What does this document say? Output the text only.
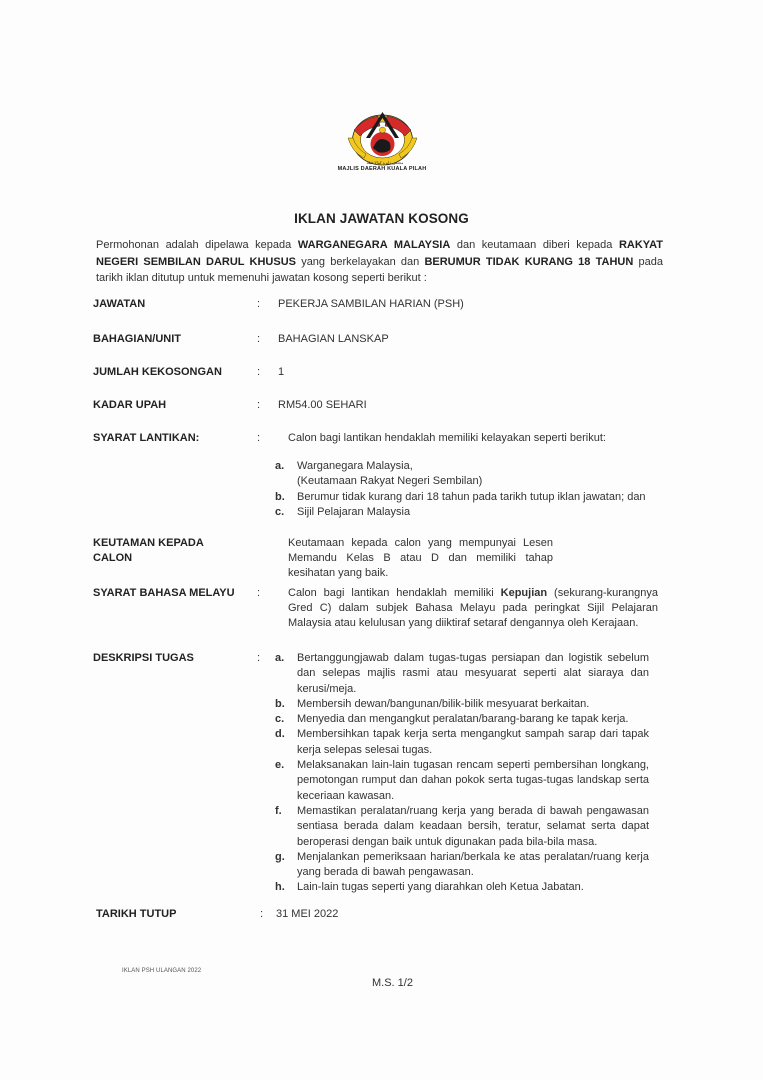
مجلس دايره کوالا ڤيله
MAJLIS DAERAH KUALA PILAH
IKLAN JAWATAN KOSONG
Permohonan adalah dipelawa kepada WARGANEGARA MALAYSIA dan keutamaan diberi kepada RAKYAT NEGERI SEMBILAN DARUL KHUSUS yang berkelayakan dan BERUMUR TIDAK KURANG 18 TAHUN pada tarikh iklan ditutup untuk memenuhi jawatan kosong seperti berikut :
JAWATAN	: PEKERJA SAMBILAN HARIAN (PSH)
BAHAGIAN/UNIT	: BAHAGIAN LANSKAP
JUMLAH KEKOSONGAN	: 1
KADAR UPAH	: RM54.00 SEHARI
SYARAT LANTIKAN:	:	Calon bagi lantikan hendaklah memiliki kelayakan seperti berikut:
a. Warganegara Malaysia,
(Keutamaan Rakyat Negeri Sembilan)
b. Berumur tidak kurang dari 18 tahun pada tarikh tutup iklan jawatan; dan
c. Sijil Pelajaran Malaysia
KEUTAMAN KEPADA
CALON
Keutamaan kepada calon yang mempunyai Lesen Memandu Kelas B atau D dan memiliki tahap kesihatan yang baik.
SYARAT BAHASA MELAYU	:	Calon bagi lantikan hendaklah memiliki Kepujian (sekurang-kurangnya Gred C) dalam subjek Bahasa Melayu pada peringkat Sijil Pelajaran Malaysia atau kelulusan yang diiktiraf setaraf dengannya oleh Kerajaan.
DESKRIPSI TUGAS	: a. Bertanggungjawab dalam tugas-tugas persiapan dan logistik sebelum dan selepas majlis rasmi atau mesyuarat seperti alat siaraya dan kerusi/meja.
b. Membersih dewan/bangunan/bilik-bilik mesyuarat berkaitan.
c. Menyedia dan mengangkut peralatan/barang-barang ke tapak kerja.
d. Membersihkan tapak kerja serta mengangkut sampah sarap dari tapak kerja selepas selesai tugas.
e. Melaksanakan lain-lain tugasan rencam seperti pembersihan longkang, pemotongan rumput dan dahan pokok serta tugas-tugas landskap serta keceriaan kawasan.
f. Memastikan peralatan/ruang kerja yang berada di bawah pengawasan sentiasa berada dalam keadaan bersih, teratur, selamat serta dapat beroperasi dengan baik untuk digunakan pada bila-bila masa.
g. Menjalankan pemeriksaan harian/berkala ke atas peralatan/ruang kerja yang berada di bawah pengawasan.
h. Lain-lain tugas seperti yang diarahkan oleh Ketua Jabatan.
TARIKH TUTUP	: 31 MEI 2022
IKLAN PSH ULANGAN 2022
M.S. 1/2
